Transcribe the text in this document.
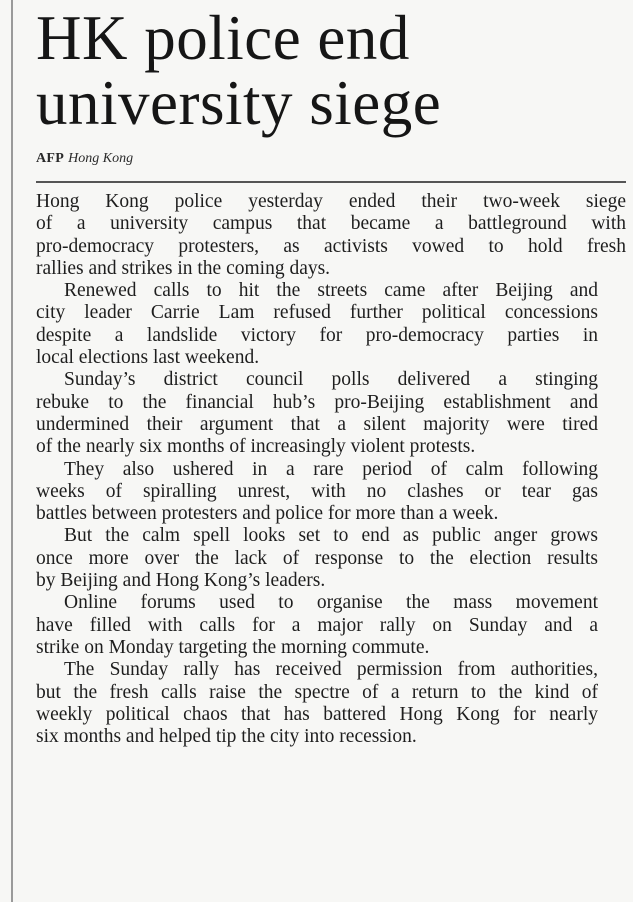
HK police end
university siege
AFP Hong Kong

Hong Kong police yesterday ended their two-week siege
of a university campus that became a battleground with
pro-democracy protesters, as activists vowed to hold fresh
rallies and strikes in the coming days.

Renewed calls to hit the streets came after Beijing and
city leader Carrie Lam refused further political concessions
despite a landslide victory for pro-democracy parties in
local elections last weekend.

Sunday’s district council polls delivered a stinging
rebuke to the financial hub’s pro-Beijing establishment and
undermined their argument that a silent majority were tired
of the nearly six months of increasingly violent protests.

They also ushered in a rare period of calm following
weeks of spiralling unrest, with no clashes or tear gas
battles between protesters and police for more than a week.

But the calm spell looks set to end as public anger grows
once more over the lack of response to the election results
by Beijing and Hong Kong’s leaders.

Online forums used to organise the mass movement
have filled with calls for a major rally on Sunday and a
strike on Monday targeting the morning commute.

The Sunday rally has received permission from authorities,
but the fresh calls raise the spectre of a return to the kind of
weekly political chaos that has battered Hong Kong for nearly
six months and helped tip the city into recession.
